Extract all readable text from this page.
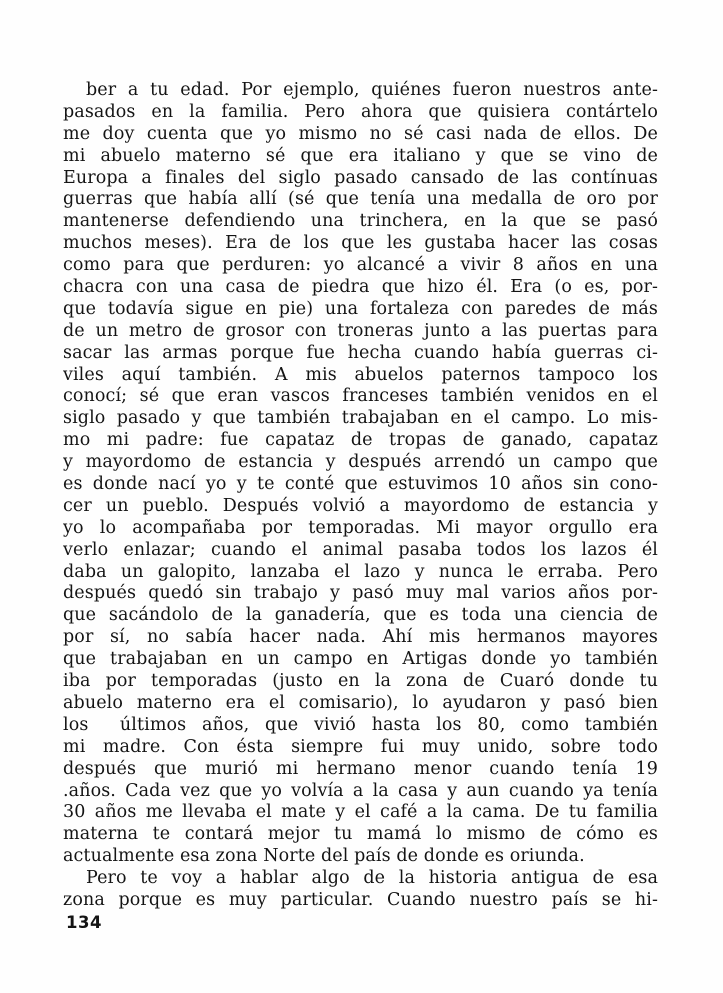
ber a tu edad. Por ejemplo, quiénes fueron nuestros ante-
pasados en la familia. Pero ahora que quisiera contártelo
me doy cuenta que yo mismo no sé casi nada de ellos. De
mi abuelo materno sé que era italiano y que se vino de
Europa a finales del siglo pasado cansado de las contínuas
guerras que había allí (sé que tenía una medalla de oro por
mantenerse defendiendo una trinchera, en la que se pasó
muchos meses). Era de los que les gustaba hacer las cosas
como para que perduren: yo alcancé a vivir 8 años en una
chacra con una casa de piedra que hizo él. Era (o es, por-
que todavía sigue en pie) una fortaleza con paredes de más
de un metro de grosor con troneras junto a las puertas para
sacar las armas porque fue hecha cuando había guerras ci-
viles aquí también. A mis abuelos paternos tampoco los
conocí; sé que eran vascos franceses también venidos en el
siglo pasado y que también trabajaban en el campo. Lo mis-
mo mi padre: fue capataz de tropas de ganado, capataz
y mayordomo de estancia y después arrendó un campo que
es donde nací yo y te conté que estuvimos 10 años sin cono-
cer un pueblo. Después volvió a mayordomo de estancia y
yo lo acompañaba por temporadas. Mi mayor orgullo era
verlo enlazar; cuando el animal pasaba todos los lazos él
daba un galopito, lanzaba el lazo y nunca le erraba. Pero
después quedó sin trabajo y pasó muy mal varios años por-
que sacándolo de la ganadería, que es toda una ciencia de
por sí, no sabía hacer nada. Ahí mis hermanos mayores
que trabajaban en un campo en Artigas donde yo también
iba por temporadas (justo en la zona de Cuaró donde tu
abuelo materno era el comisario), lo ayudaron y pasó bien
los  últimos años, que vivió hasta los 80, como también
mi madre. Con ésta siempre fui muy unido, sobre todo
después que murió mi hermano menor cuando tenía 19
.años. Cada vez que yo volvía a la casa y aun cuando ya tenía
30 años me llevaba el mate y el café a la cama. De tu familia
materna te contará mejor tu mamá lo mismo de cómo es
actualmente esa zona Norte del país de donde es oriunda.
Pero te voy a hablar algo de la historia antigua de esa
zona porque es muy particular. Cuando nuestro país se hi-
134
